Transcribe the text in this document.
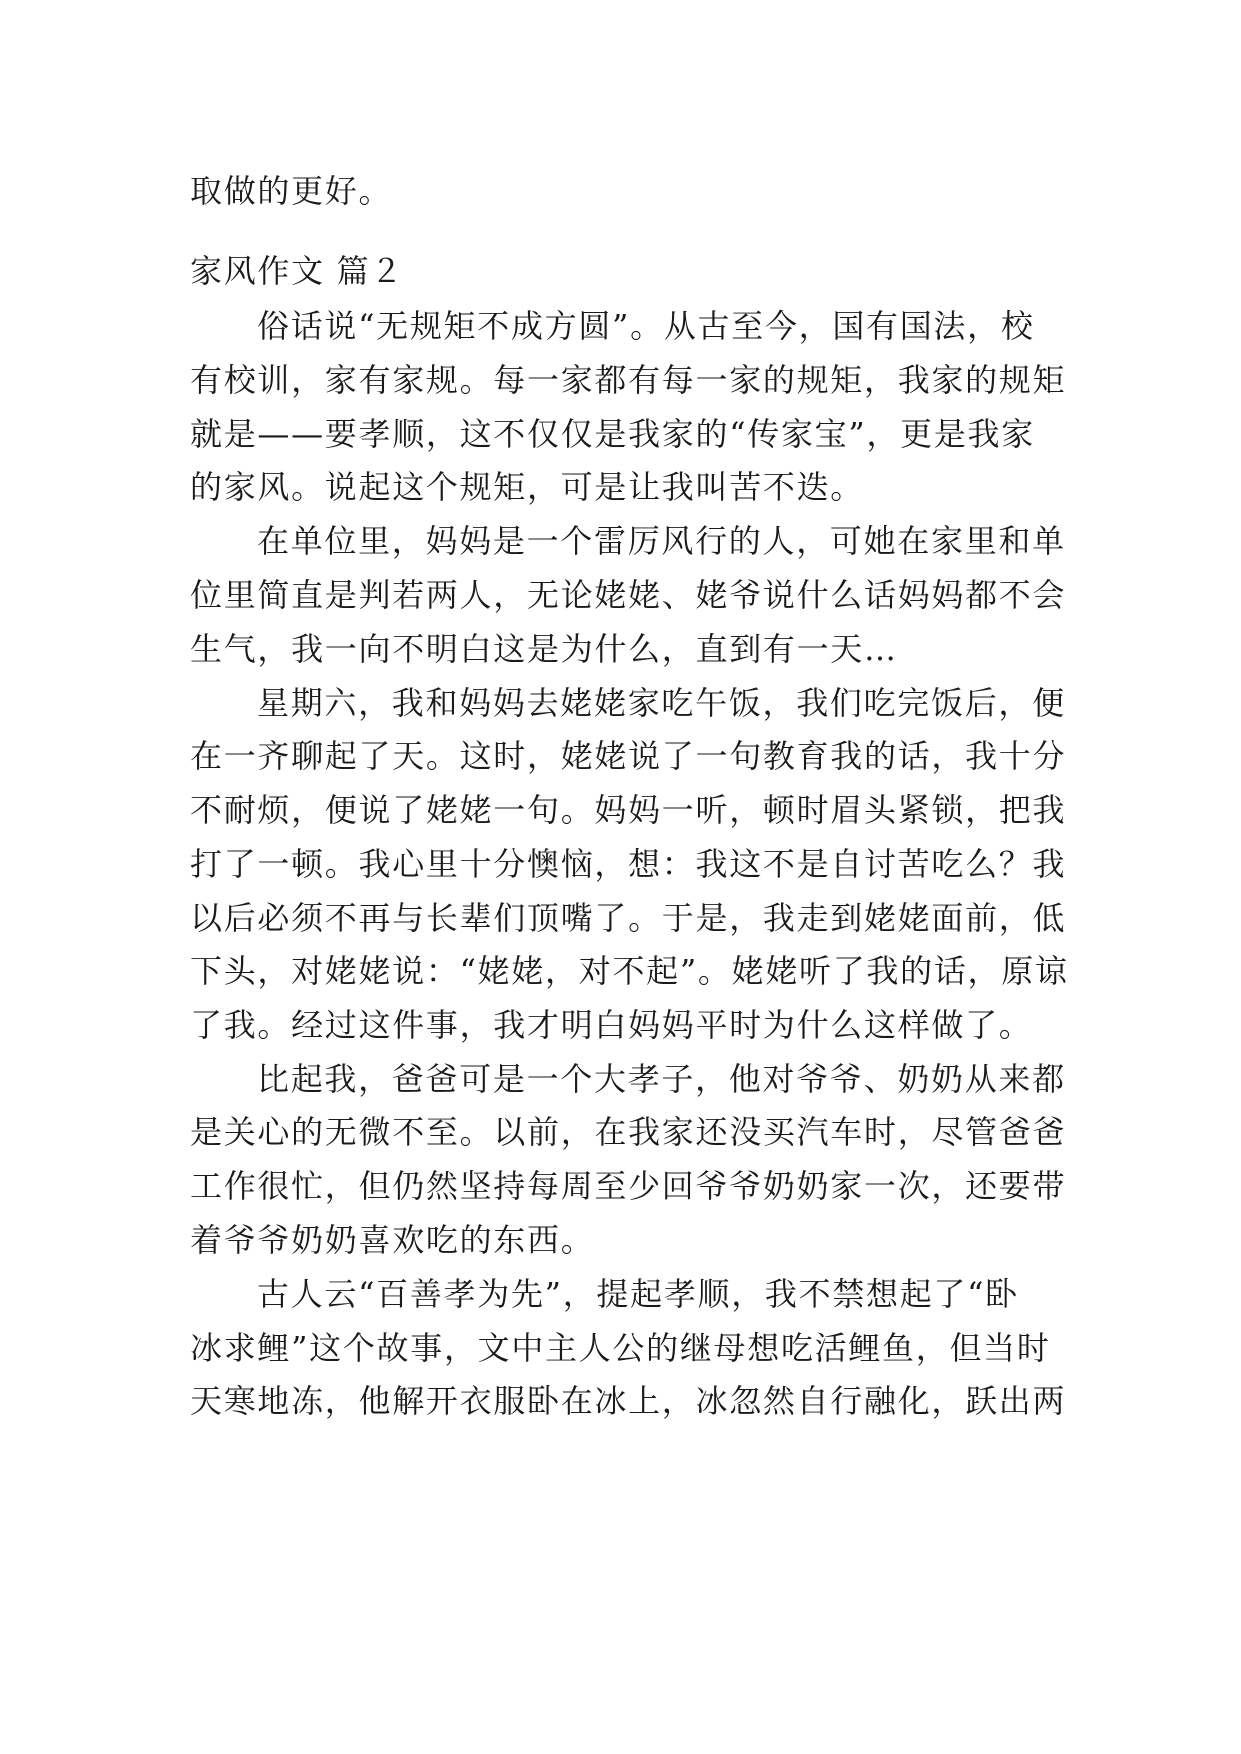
取做的更好。
家风作文 篇２
俗话说“无规矩不成方圆”。从古至今，国有国法，校
有校训，家有家规。每一家都有每一家的规矩，我家的规矩
就是——要孝顺，这不仅仅是我家的“传家宝”，更是我家
的家风。说起这个规矩，可是让我叫苦不迭。
在单位里，妈妈是一个雷厉风行的人，可她在家里和单
位里简直是判若两人，无论姥姥、姥爷说什么话妈妈都不会
生气，我一向不明白这是为什么，直到有一天…
星期六，我和妈妈去姥姥家吃午饭，我们吃完饭后，便
在一齐聊起了天。这时，姥姥说了一句教育我的话，我十分
不耐烦，便说了姥姥一句。妈妈一听，顿时眉头紧锁，把我
打了一顿。我心里十分懊恼，想：我这不是自讨苦吃么？我
以后必须不再与长辈们顶嘴了。于是，我走到姥姥面前，低
下头，对姥姥说：“姥姥，对不起”。姥姥听了我的话，原谅
了我。经过这件事，我才明白妈妈平时为什么这样做了。
比起我，爸爸可是一个大孝子，他对爷爷、奶奶从来都
是关心的无微不至。以前，在我家还没买汽车时，尽管爸爸
工作很忙，但仍然坚持每周至少回爷爷奶奶家一次，还要带
着爷爷奶奶喜欢吃的东西。
古人云“百善孝为先”，提起孝顺，我不禁想起了“卧
冰求鲤”这个故事，文中主人公的继母想吃活鲤鱼，但当时
天寒地冻，他解开衣服卧在冰上，冰忽然自行融化，跃出两
